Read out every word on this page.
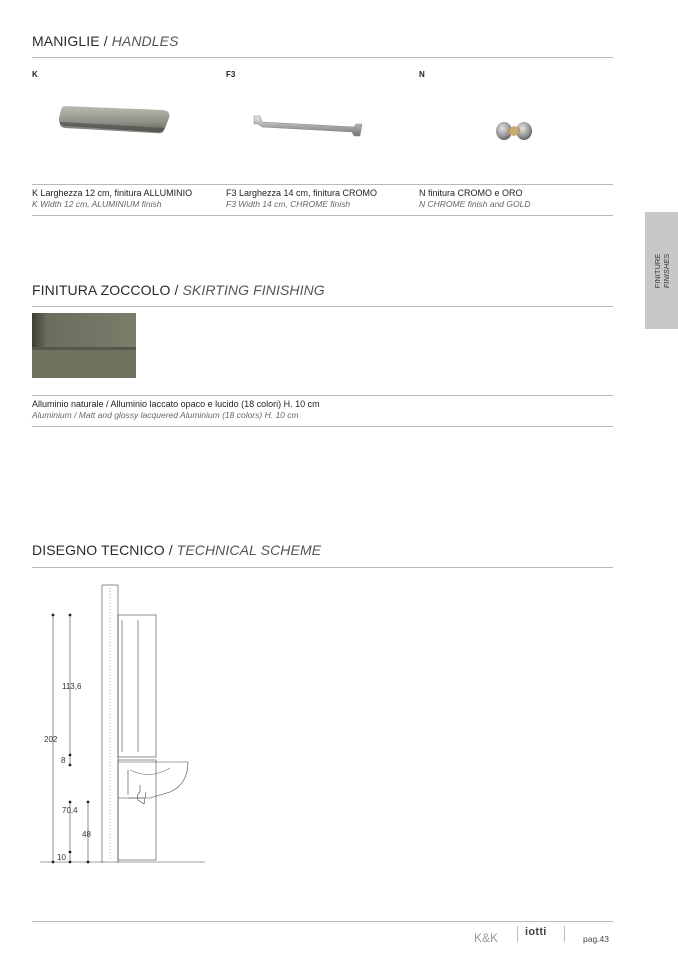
MANIGLIE / HANDLES
K	F3	N
K Larghezza 12 cm, finitura ALLUMINIO
K Width 12 cm, ALUMINIUM finish
F3 Larghezza 14 cm, finitura CROMO
F3 Width 14 cm, CHROME finish
N finitura CROMO e ORO
N CHROME finish and GOLD
FINITURE FINISHES
FINITURA ZOCCOLO / SKIRTING FINISHING
Alluminio naturale / Alluminio laccato opaco e lucido (18 colori) H. 10 cm
Aluminium / Matt and glossy lacquered Aluminium (18 colors) H. 10 cm
DISEGNO TECNICO / TECHNICAL SCHEME
113,6
202
8
70,4
48
10
K&K iotti
pag.43
